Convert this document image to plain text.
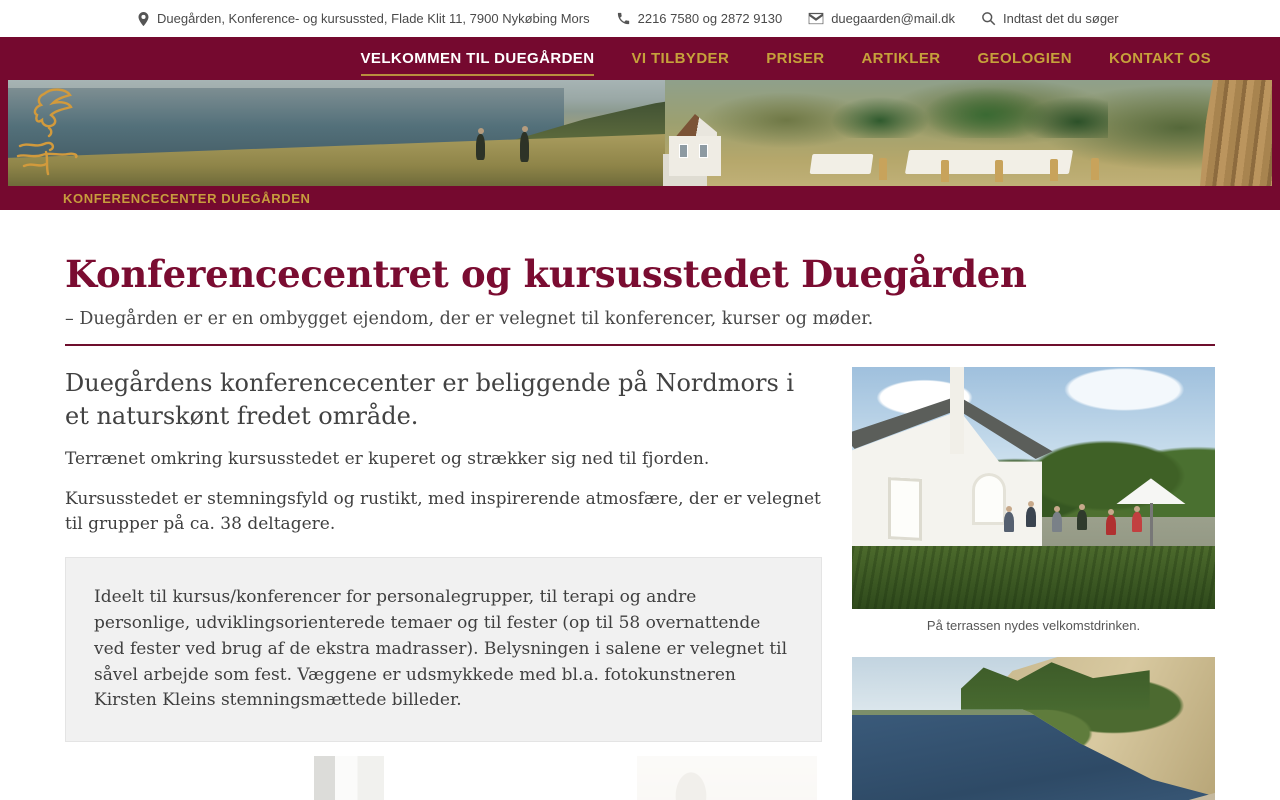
Duegården, Konference- og kursussted, Flade Klit 11, 7900 Nykøbing Mors	2216 7580 og 2872 9130	duegaarden@mail.dk
Indtast det du søger
VELKOMMEN TIL DUEGÅRDEN VI TILBYDER PRISER ARTIKLER GEOLOGIEN KONTAKT OS
KONFERENCECENTER DUEGÅRDEN
Konferencecentret og kursusstedet Duegården

– Duegården er er en ombygget ejendom, der er velegnet til konferencer, kurser og møder.

Duegårdens konferencecenter er beliggende på Nordmors i et naturskønt fredet område.

Terrænet omkring kursusstedet er kuperet og strækker sig ned til fjorden.

Kursusstedet er stemningsfyld og rustikt, med inspirerende atmosfære, der er velegnet til grupper på ca. 38 deltagere.

Ideelt til kursus/konferencer for personalegrupper, til terapi og andre personlige, udviklingsorienterede temaer og til fester (op til 58 overnattende ved fester ved brug af de ekstra madrasser). Belysningen i salene er velegnet til såvel arbejde som fest. Væggene er udsmykkede med bl.a. fotokunstneren Kirsten Kleins stemningsmættede billeder.

På terrassen nydes velkomstdrinken.
